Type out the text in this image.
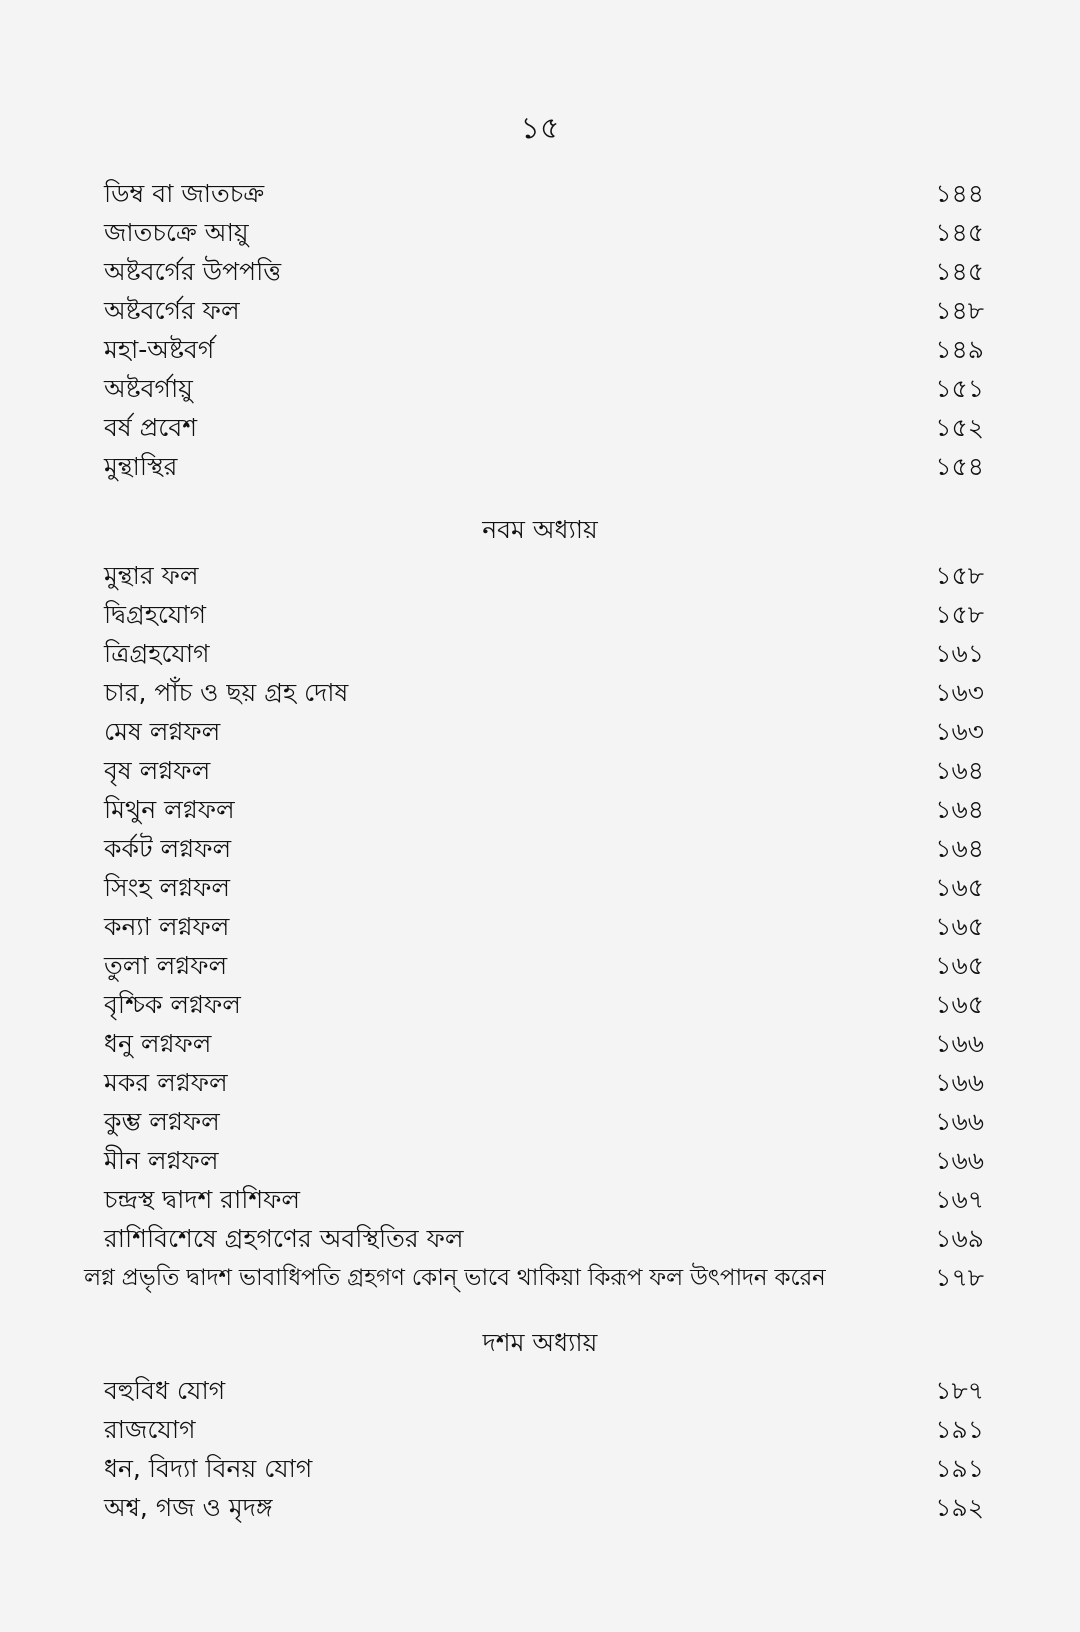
১৫
ডিম্ব বা জাতচক্র	১৪৪
জাতচক্রে আয়ু	১৪৫
অষ্টবর্গের উপপত্তি	১৪৫
অষ্টবর্গের ফল	১৪৮
মহা-অষ্টবর্গ	১৪৯
অষ্টবর্গায়ু	১৫১
বর্ষ প্রবেশ	১৫২
মুন্থাস্থির	১৫৪
নবম অধ্যায়
মুন্থার ফল	১৫৮
দ্বিগ্রহযোগ	১৫৮
ত্রিগ্রহযোগ	১৬১
চার, পাঁচ ও ছয় গ্রহ দোষ	১৬৩
মেষ লগ্নফল	১৬৩
বৃষ লগ্নফল	১৬৪
মিথুন লগ্নফল	১৬৪
কর্কট লগ্নফল	১৬৪
সিংহ লগ্নফল	১৬৫
কন্যা লগ্নফল	১৬৫
তুলা লগ্নফল	১৬৫
বৃশ্চিক লগ্নফল	১৬৫
ধনু লগ্নফল	১৬৬
মকর লগ্নফল	১৬৬
কুম্ভ লগ্নফল	১৬৬
মীন লগ্নফল	১৬৬
চন্দ্রস্থ দ্বাদশ রাশিফল	১৬৭
রাশিবিশেষে গ্রহগণের অবস্থিতির ফল	১৬৯
লগ্ন প্রভৃতি দ্বাদশ ভাবাধিপতি গ্রহগণ কোন্ ভাবে থাকিয়া কিরূপ ফল উৎপাদন করেন	১৭৮
দশম অধ্যায়
বহুবিধ যোগ	১৮৭
রাজযোগ	১৯১
ধন, বিদ্যা বিনয় যোগ	১৯১
অশ্ব, গজ ও মৃদঙ্গ	১৯২
